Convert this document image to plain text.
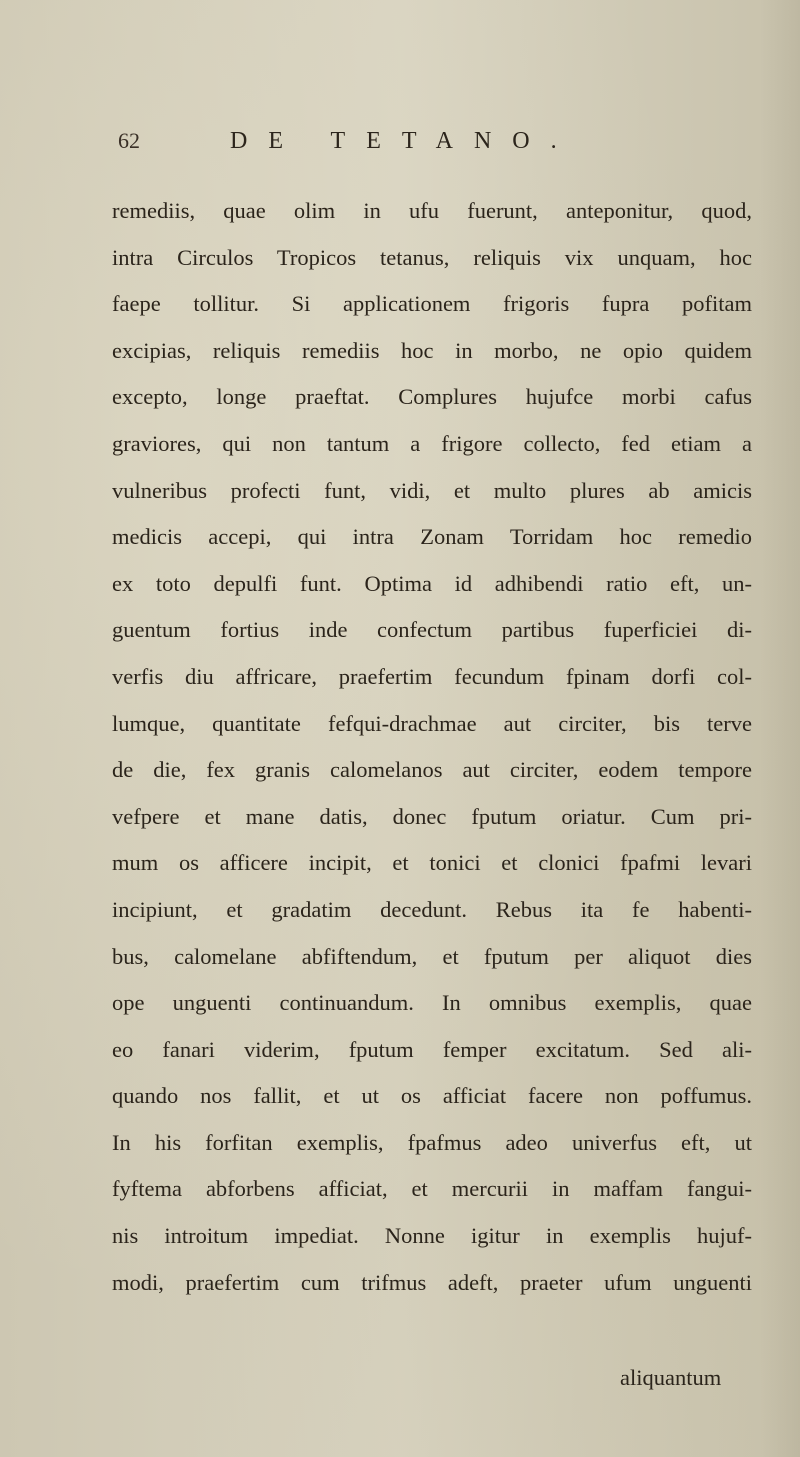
62	DE TETANO.
remediis, quae olim in ufu fuerunt, anteponitur, quod,
intra Circulos Tropicos tetanus, reliquis vix unquam, hoc
faepe tollitur. Si applicationem frigoris fupra pofitam
excipias, reliquis remediis hoc in morbo, ne opio quidem
excepto, longe praeftat. Complures hujufce morbi cafus
graviores, qui non tantum a frigore collecto, fed etiam a
vulneribus profecti funt, vidi, et multo plures ab amicis
medicis accepi, qui intra Zonam Torridam hoc remedio
ex toto depulfi funt. Optima id adhibendi ratio eft, un-
guentum fortius inde confectum partibus fuperficiei di-
verfis diu affricare, praefertim fecundum fpinam dorfi col-
lumque, quantitate fefqui-drachmae aut circiter, bis terve
de die, fex granis calomelanos aut circiter, eodem tempore
vefpere et mane datis, donec fputum oriatur. Cum pri-
mum os afficere incipit, et tonici et clonici fpafmi levari
incipiunt, et gradatim decedunt. Rebus ita fe habenti-
bus, calomelane abfiftendum, et fputum per aliquot dies
ope unguenti continuandum. In omnibus exemplis, quae
eo fanari viderim, fputum femper excitatum. Sed ali-
quando nos fallit, et ut os afficiat facere non poffumus.
In his forfitan exemplis, fpafmus adeo univerfus eft, ut
fyftema abforbens afficiat, et mercurii in maffam fangui-
nis introitum impediat. Nonne igitur in exemplis hujuf-
modi, praefertim cum trifmus adeft, praeter ufum unguenti
aliquantum
